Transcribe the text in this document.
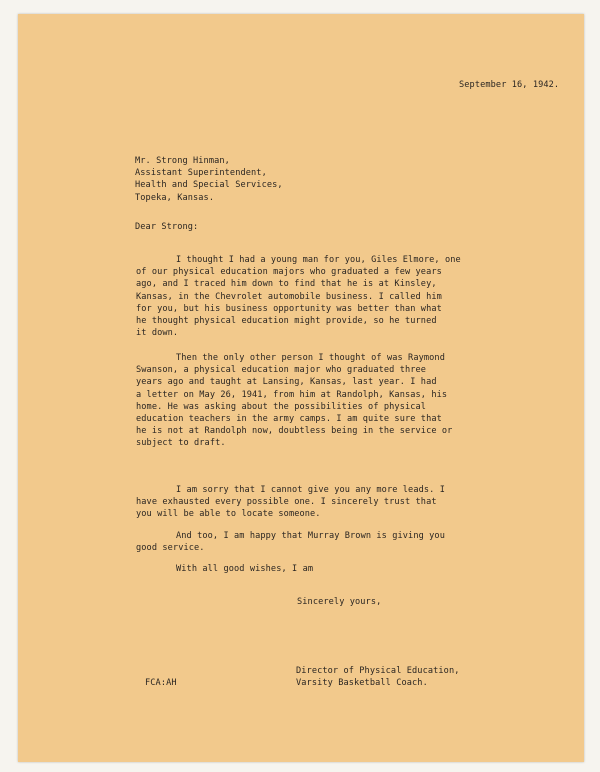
September 16, 1942.
Mr. Strong Hinman,
Assistant Superintendent,
Health and Special Services,
Topeka, Kansas.
Dear Strong:
I thought I had a young man for you, Giles Elmore, one
of our physical education majors who graduated a few years
ago, and I traced him down to find that he is at Kinsley,
Kansas, in the Chevrolet automobile business. I called him
for you, but his business opportunity was better than what
he thought physical education might provide, so he turned
it down.
Then the only other person I thought of was Raymond
Swanson, a physical education major who graduated three
years ago and taught at Lansing, Kansas, last year. I had
a letter on May 26, 1941, from him at Randolph, Kansas, his
home. He was asking about the possibilities of physical
education teachers in the army camps. I am quite sure that
he is not at Randolph now, doubtless being in the service or
subject to draft.
I am sorry that I cannot give you any more leads. I
have exhausted every possible one. I sincerely trust that
you will be able to locate someone.
And too, I am happy that Murray Brown is giving you
good service.
With all good wishes, I am
Sincerely yours,
Director of Physical Education,
Varsity Basketball Coach.
FCA:AH
